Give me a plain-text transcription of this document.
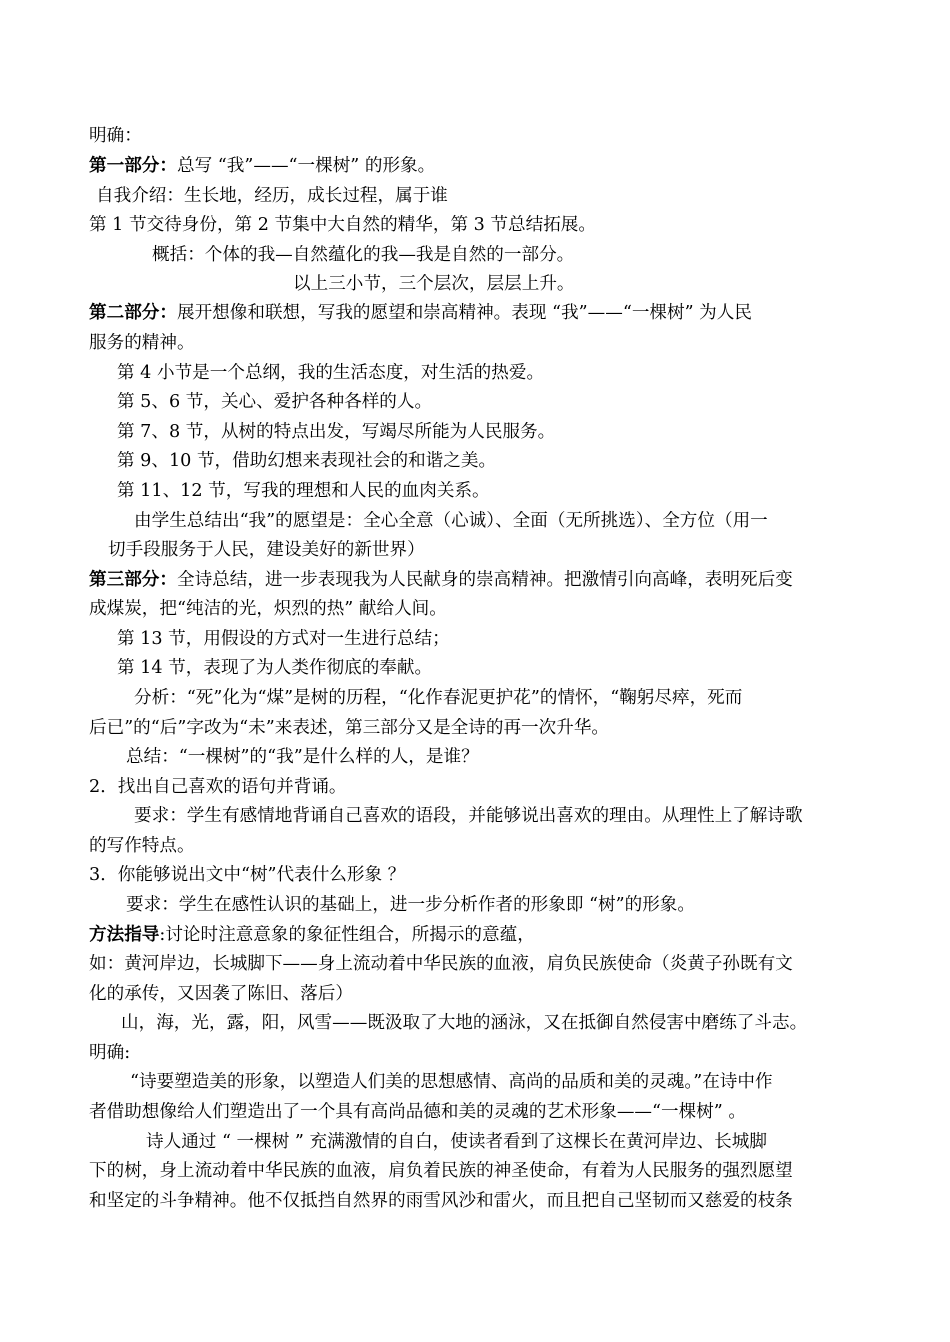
明确：
第一部分：总写 “我”——“一棵树” 的形象。
自我介绍：生长地，经历，成长过程，属于谁
第 1 节交待身份，第 2 节集中大自然的精华，第 3 节总结拓展。
概括：个体的我—自然蕴化的我—我是自然的一部分。
以上三小节，三个层次，层层上升。
第二部分：展开想像和联想，写我的愿望和崇高精神。表现 “我”——“一棵树” 为人民
服务的精神。
第 4 小节是一个总纲，我的生活态度，对生活的热爱。
第 5、6 节，关心、爱护各种各样的人。
第 7、8 节，从树的特点出发，写竭尽所能为人民服务。
第 9、10 节，借助幻想来表现社会的和谐之美。
第 11、12 节，写我的理想和人民的血肉关系。
由学生总结出“我”的愿望是：全心全意（心诚）、全面（无所挑选）、全方位（用一
切手段服务于人民，建设美好的新世界）
第三部分：全诗总结，进一步表现我为人民献身的崇高精神。把激情引向高峰，表明死后变
成煤炭，把“纯洁的光，炽烈的热” 献给人间。
第 13 节，用假设的方式对一生进行总结；
第 14 节，表现了为人类作彻底的奉献。
分析：“死”化为“煤”是树的历程，“化作春泥更护花”的情怀，“鞠躬尽瘁，死而
后已”的“后”字改为“未”来表述，第三部分又是全诗的再一次升华。
总结：“一棵树”的“我”是什么样的人，是谁？
2．找出自己喜欢的语句并背诵。
要求：学生有感情地背诵自己喜欢的语段，并能够说出喜欢的理由。从理性上了解诗歌
的写作特点。
3．你能够说出文中“树”代表什么形象 ？
要求：学生在感性认识的基础上，进一步分析作者的形象即 “树”的形象。
方法指导:讨论时注意意象的象征性组合，所揭示的意蕴，
如：黄河岸边，长城脚下——身上流动着中华民族的血液，肩负民族使命（炎黄子孙既有文
化的承传，又因袭了陈旧、落后）
山，海，光，露，阳，风雪——既汲取了大地的涵泳，又在抵御自然侵害中磨练了斗志。
明确:
“诗要塑造美的形象，以塑造人们美的思想感情、高尚的品质和美的灵魂。”在诗中作
者借助想像给人们塑造出了一个具有高尚品德和美的灵魂的艺术形象——“一棵树” 。
诗人通过 “ 一棵树 ” 充满激情的自白，使读者看到了这棵长在黄河岸边、长城脚
下的树，身上流动着中华民族的血液，肩负着民族的神圣使命，有着为人民服务的强烈愿望
和坚定的斗争精神。他不仅抵挡自然界的雨雪风沙和雷火，而且把自己坚韧而又慈爱的枝条
